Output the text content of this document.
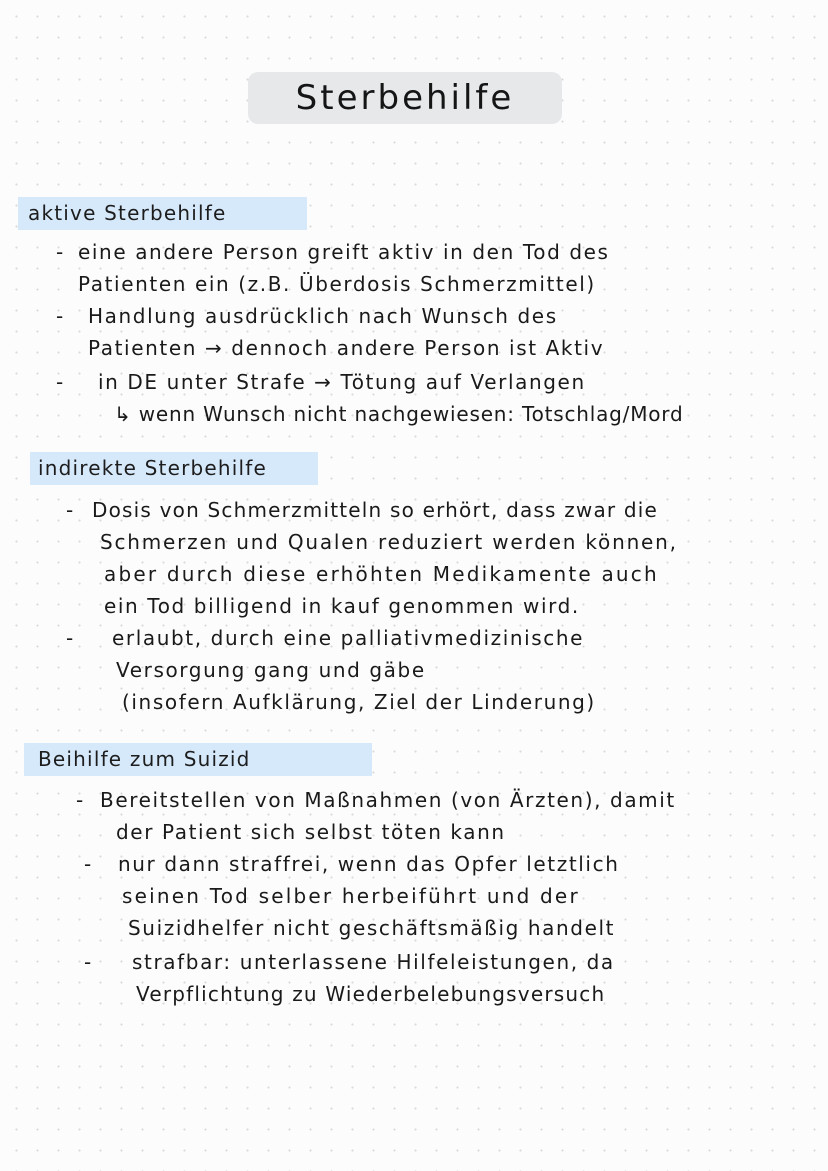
Sterbehilfe
aktive Sterbehilfe
- eine andere Person greift aktiv in den Tod des
Patienten ein (z.B. Überdosis Schmerzmittel)
- Handlung ausdrücklich nach Wunsch des
Patienten → dennoch andere Person ist Aktiv
- in DE unter Strafe → Tötung auf Verlangen
↳ wenn Wunsch nicht nachgewiesen: Totschlag/Mord
indirekte Sterbehilfe
- Dosis von Schmerzmitteln so erhört, dass zwar die
Schmerzen und Qualen reduziert werden können,
aber durch diese erhöhten Medikamente auch
ein Tod billigend in kauf genommen wird.
- erlaubt, durch eine palliativmedizinische
Versorgung gang und gäbe
(insofern Aufklärung, Ziel der Linderung)
Beihilfe zum Suizid
- Bereitstellen von Maßnahmen (von Ärzten), damit
der Patient sich selbst töten kann
- nur dann straffrei, wenn das Opfer letztlich
seinen Tod selber herbeiführt und der
Suizidhelfer nicht geschäftsmäßig handelt
- strafbar: unterlassene Hilfeleistungen, da
Verpflichtung zu Wiederbelebungsversuch
